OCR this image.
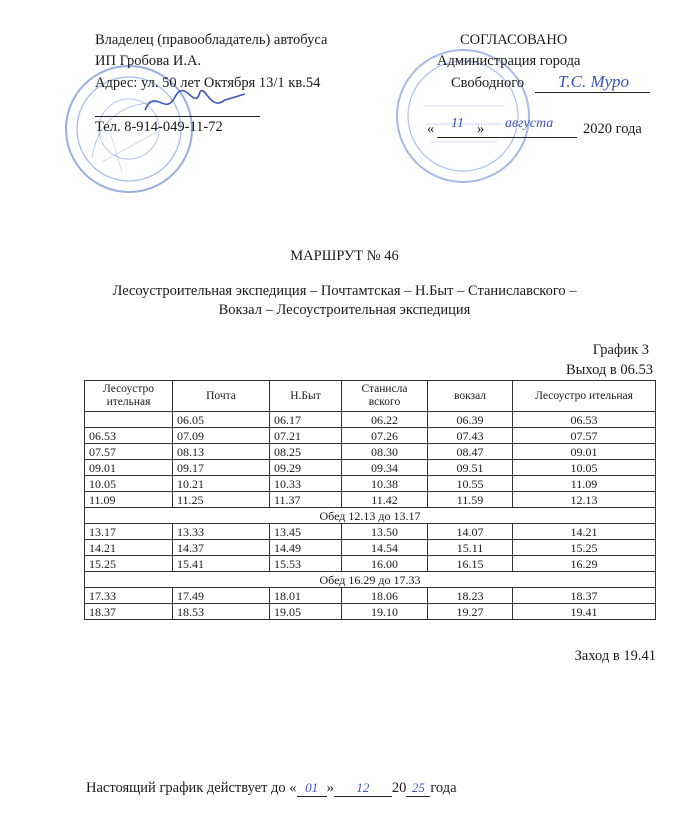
Владелец (правообладатель) автобуса
ИП Гробова И.А.
Адрес: ул. 50 лет Октября 13/1 кв.54
Тел. 8-914-049-11-72
СОГЛАСОВАНО
Администрация города
Свободного Т.С. Муро
« 11 » августа 2020 года
МАРШРУТ № 46
Лесоустроительная экспедиция – Почтамтская – Н.Быт – Станиславского –
Вокзал – Лесоустроительная экспедиция
График 3
Выход в 06.53
Лесоустро ительная	Почта	Н.Быт	Станисла вского	вокзал	Лесоустро ительная
	06.05	06.17	06.22	06.39	06.53
06.53	07.09	07.21	07.26	07.43	07.57
07.57	08.13	08.25	08.30	08.47	09.01
09.01	09.17	09.29	09.34	09.51	10.05
10.05	10.21	10.33	10.38	10.55	11.09
11.09	11.25	11.37	11.42	11.59	12.13
Обед 12.13 до 13.17					
13.17	13.33	13.45	13.50	14.07	14.21
14.21	14.37	14.49	14.54	15.11	15.25
15.25	15.41	15.53	16.00	16.15	16.29
Обед 16.29 до 17.33					
17.33	17.49	18.01	18.06	18.23	18.37
18.37	18.53	19.05	19.10	19.27	19.41
Заход в 19.41
Настоящий график действует до « 01 » 12 20 25 года
